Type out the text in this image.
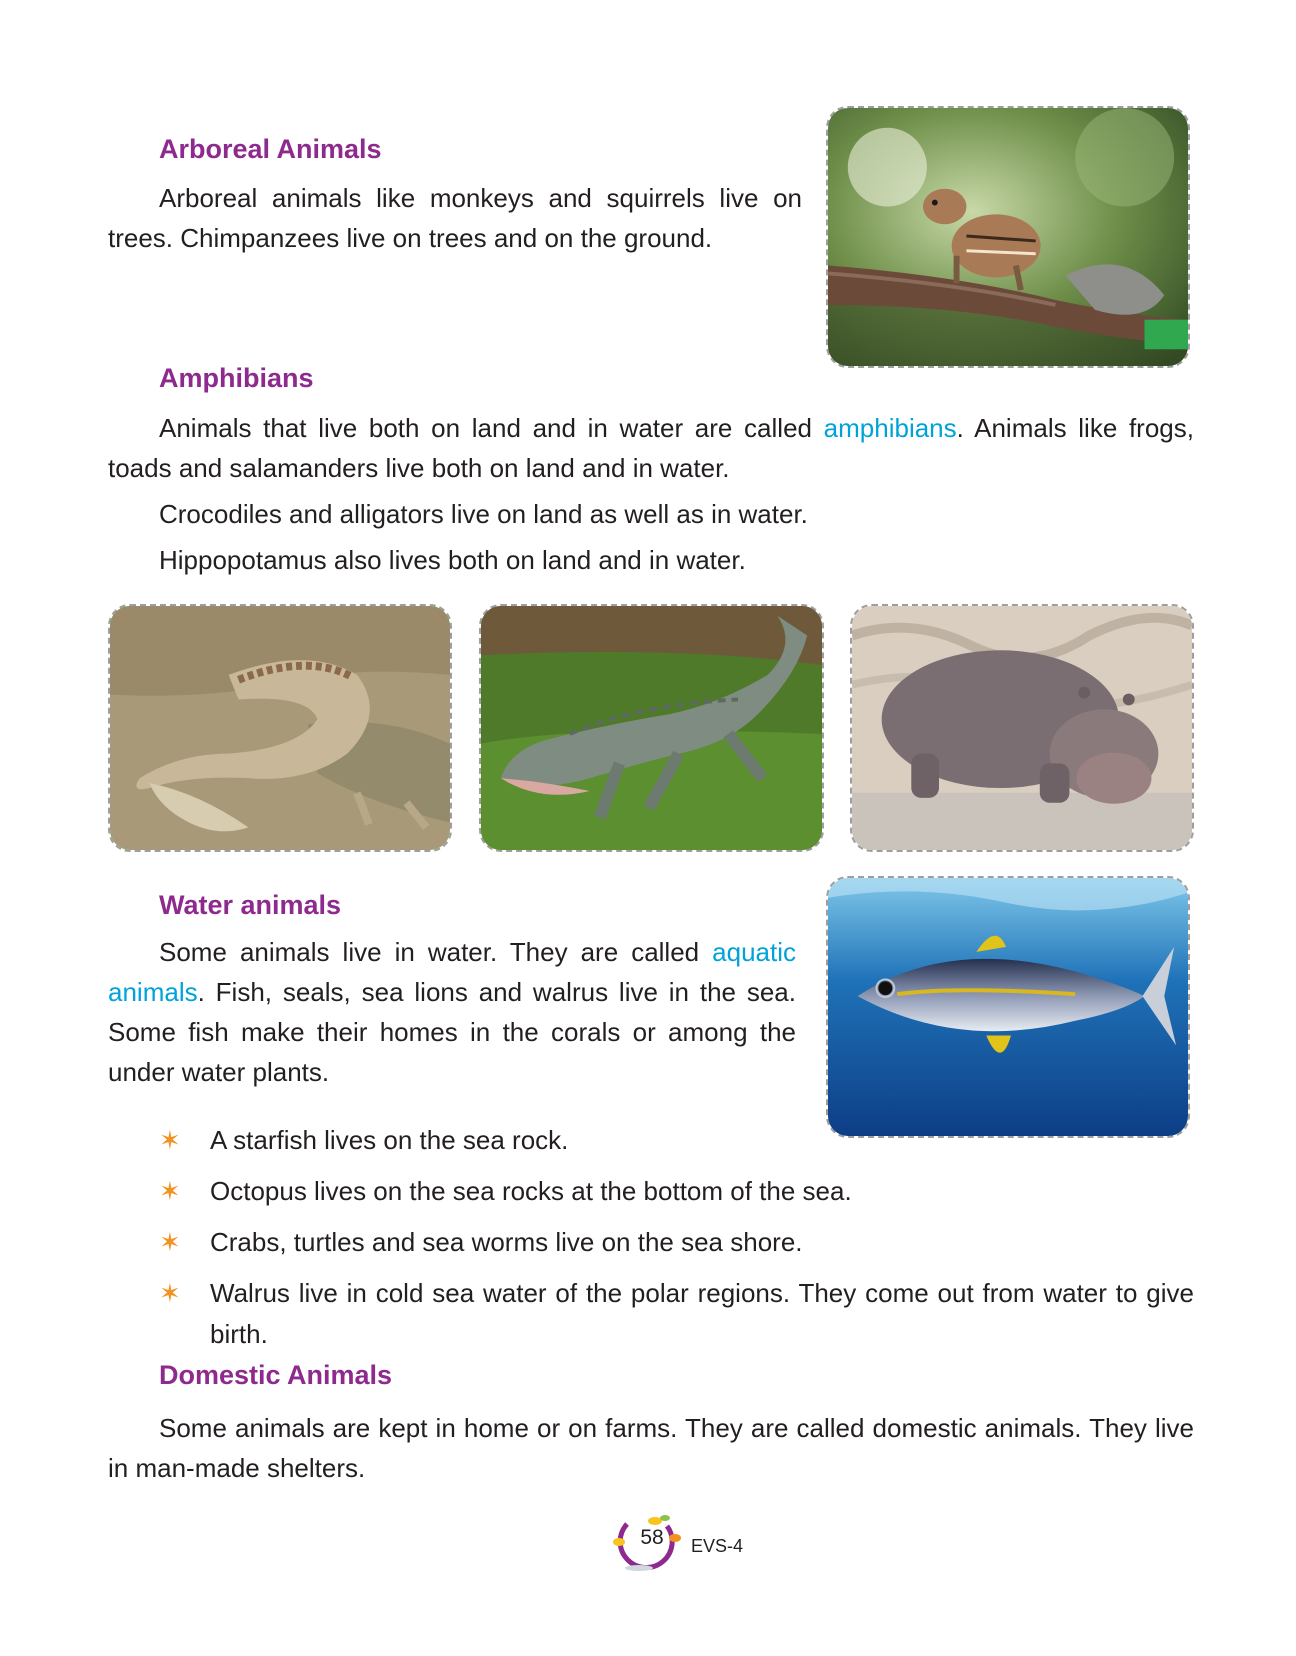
Arboreal Animals

Arboreal animals like monkeys and squirrels live on trees. Chimpanzees live on trees and on the ground.

Amphibians

Animals that live both on land and in water are called amphibians. Animals like frogs, toads and salamanders live both on land and in water.

Crocodiles and alligators live on land as well as in water.
Hippopotamus also lives both on land and in water.
Water animals

Some animals live in water. They are called aquatic animals. Fish, seals, sea lions and walrus live in the sea. Some fish make their homes in the corals or among the under water plants.

✶ A starfish lives on the sea rock.
✶ Octopus lives on the sea rocks at the bottom of the sea.
✶ Crabs, turtles and sea worms live on the sea shore.
✶ Walrus live in cold sea water of the polar regions. They come out from water to give birth.
Domestic Animals

Some animals are kept in home or on farms. They are called domestic animals. They live in man-made shelters.

58	EVS-4
